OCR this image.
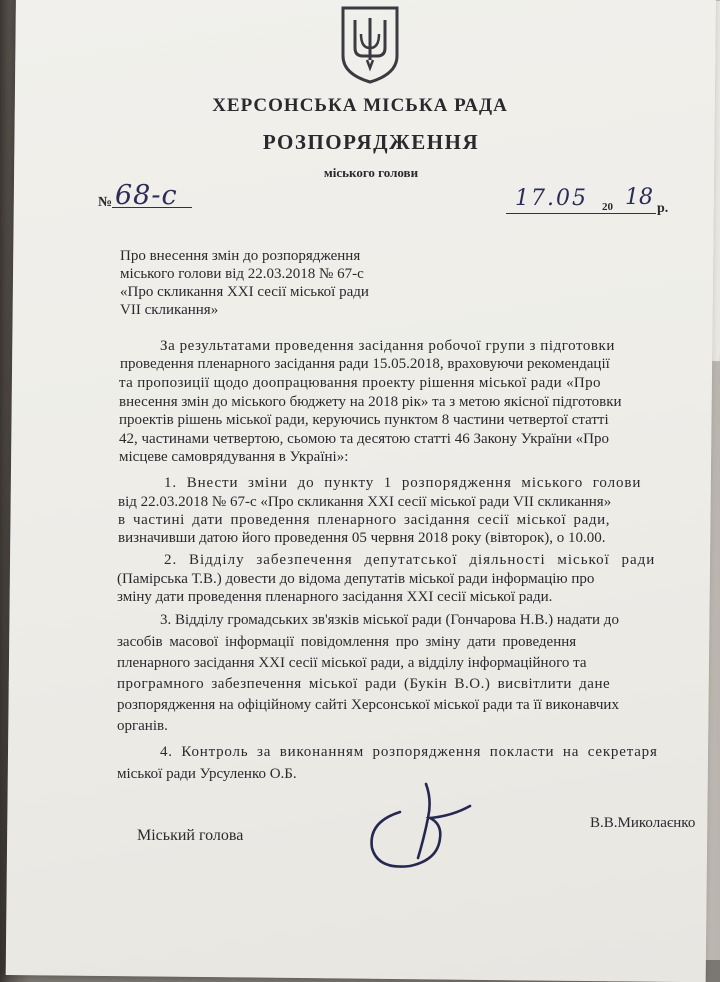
ХЕРСОНСЬКА МІСЬКА РАДА
РОЗПОРЯДЖЕННЯ
міського голови
№ 68-с	17.05 20 18 р.
Про внесення змін до розпорядження
міського голови від 22.03.2018 № 67-с
«Про скликання XXI сесії міської ради
VII скликання»
За результатами проведення засідання робочої групи з підготовки
проведення пленарного засідання ради 15.05.2018, враховуючи рекомендації
та пропозиції щодо доопрацювання проекту рішення міської ради «Про
внесення змін до міського бюджету на 2018 рік» та з метою якісної підготовки
проектів рішень міської ради, керуючись пунктом 8 частини четвертої статті
42, частинами четвертою, сьомою та десятою статті 46 Закону України «Про
місцеве самоврядування в Україні»:
1. Внести зміни до пункту 1 розпорядження міського голови
від 22.03.2018 № 67-с «Про скликання XXI сесії міської ради VII скликання»
в частині дати проведення пленарного засідання сесії міської ради,
визначивши датою його проведення 05 червня 2018 року (вівторок), о 10.00.
2. Відділу забезпечення депутатської діяльності міської ради
(Памірська Т.В.) довести до відома депутатів міської ради інформацію про
зміну дати проведення пленарного засідання XXI сесії міської ради.
3. Відділу громадських зв'язків міської ради (Гончарова Н.В.) надати до
засобів масової інформації повідомлення про зміну дати проведення
пленарного засідання XXI сесії міської ради, а відділу інформаційного та
програмного забезпечення міської ради (Букін В.О.) висвітлити дане
розпорядження на офіційному сайті Херсонської міської ради та її виконавчих
органів.
4. Контроль за виконанням розпорядження покласти на секретаря
міської ради Урсуленко О.Б.
Міський голова
В.В.Миколаєнко
